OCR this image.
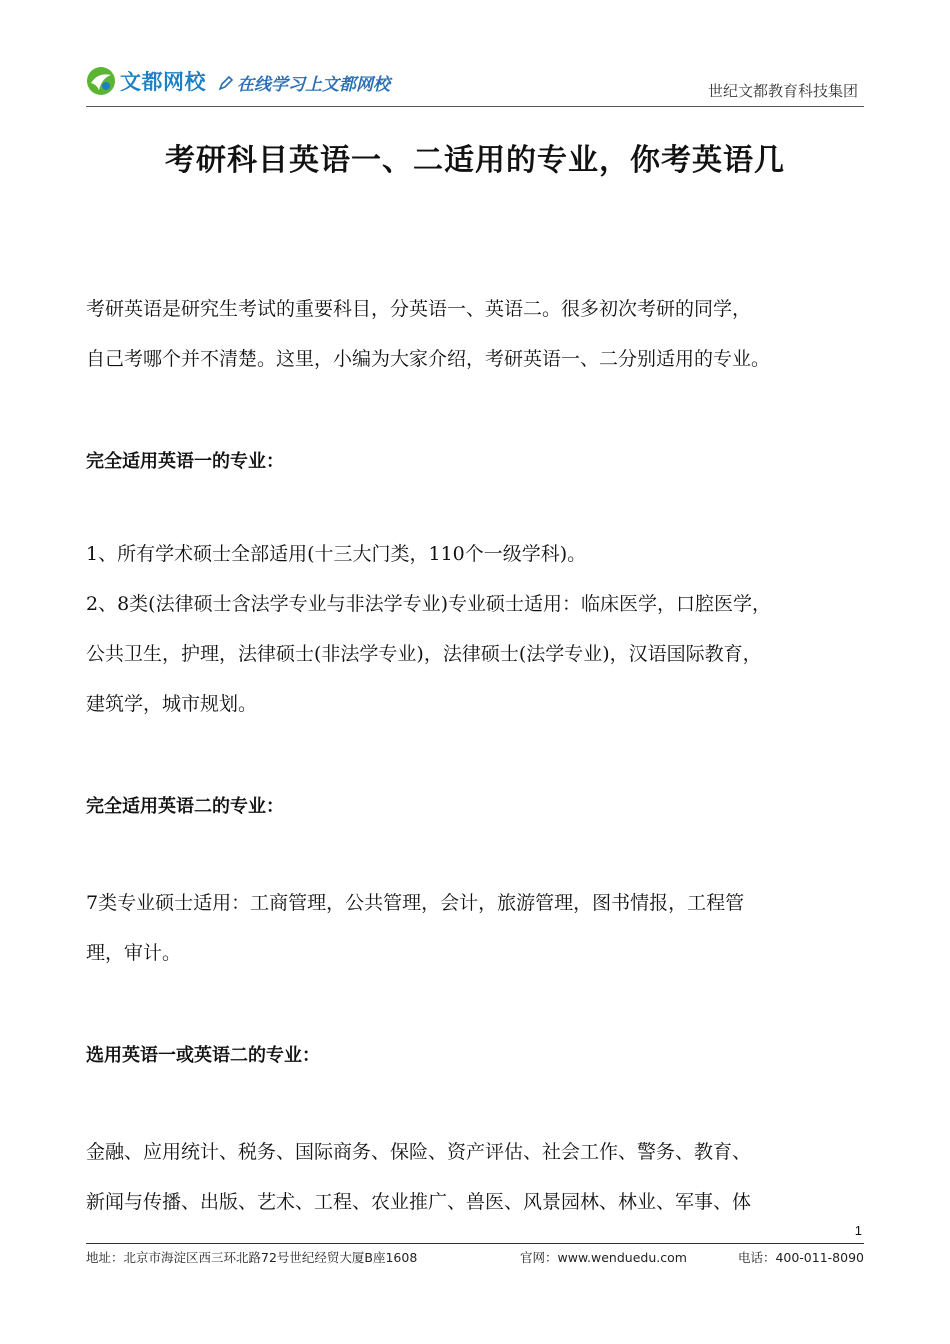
文都网校 在线学习上文都网校	世纪文都教育科技集团
考研科目英语一、二适用的专业，你考英语几
考研英语是研究生考试的重要科目，分英语一、英语二。很多初次考研的同学，
自己考哪个并不清楚。这里，小编为大家介绍，考研英语一、二分别适用的专业。
完全适用英语一的专业：
1、所有学术硕士全部适用(十三大门类，110个一级学科)。
2、8类(法律硕士含法学专业与非法学专业)专业硕士适用：临床医学，口腔医学，
公共卫生，护理，法律硕士(非法学专业)，法律硕士(法学专业)，汉语国际教育，
建筑学，城市规划。
完全适用英语二的专业：
7类专业硕士适用：工商管理，公共管理，会计，旅游管理，图书情报，工程管
理，审计。
选用英语一或英语二的专业：
金融、应用统计、税务、国际商务、保险、资产评估、社会工作、警务、教育、
新闻与传播、出版、艺术、工程、农业推广、兽医、风景园林、林业、军事、体
1
地址：北京市海淀区西三环北路72号世纪经贸大厦B座1608	官网：www.wenduedu.com	电话：400-011-8090
